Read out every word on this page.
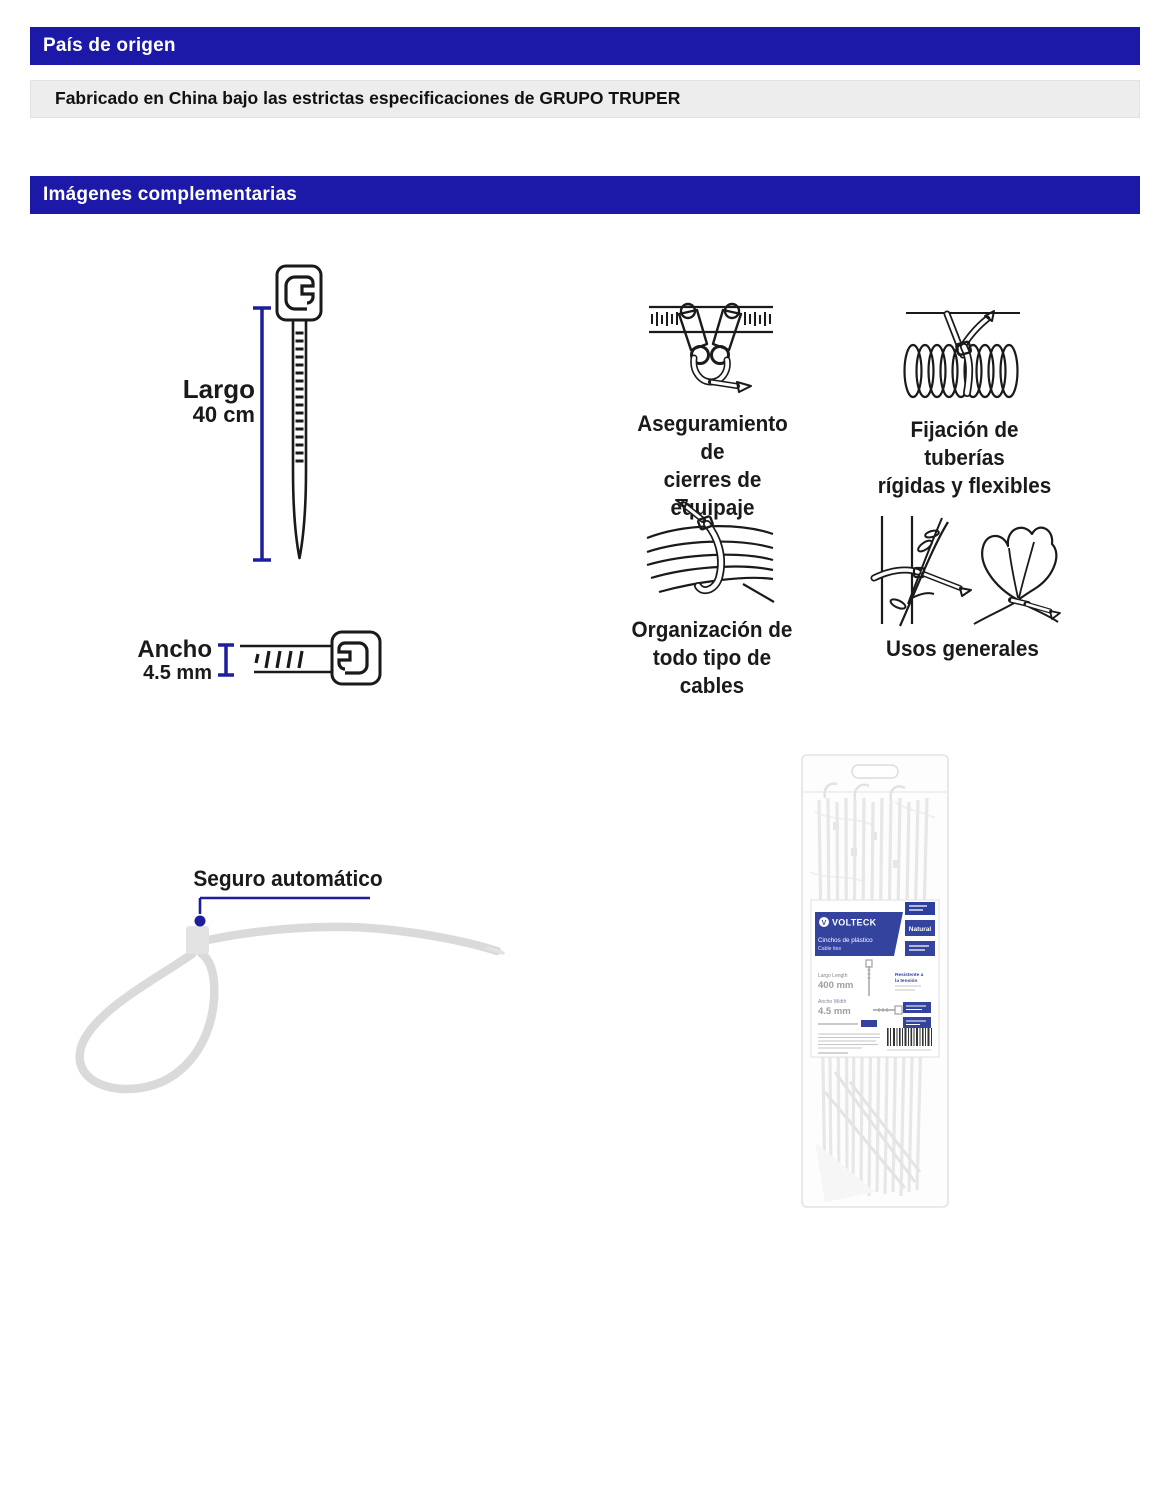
País de origen
Fabricado en China bajo las estrictas especificaciones de GRUPO TRUPER
Imágenes complementarias
Largo
40 cm
Ancho
4.5 mm
Aseguramiento de
cierres de equipaje
Fijación de tuberías
rígidas y flexibles
Organización de
todo tipo de cables
Usos generales
Seguro automático
Natural
V VOLTECK
Cinchos de plástico
Cable ties
Largo Length
400 mm
Resistente a
la tensión
Ancho Width
4.5 mm
